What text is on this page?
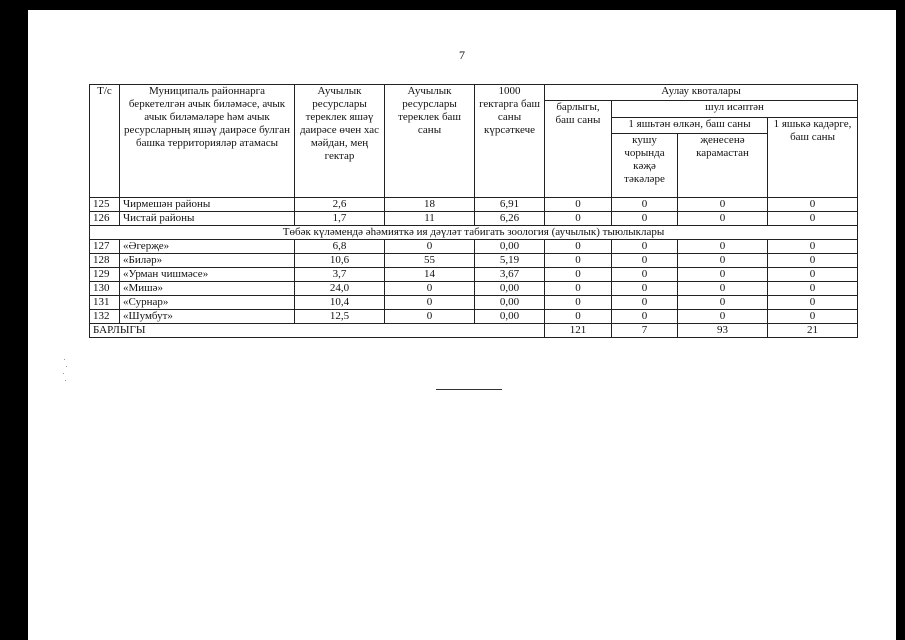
7
Т/с	Муниципаль районнарга беркетелгән ачык биләмәсе, ачык ачык биләмәләре һәм ачык ресурсларның яшәү даирәсе булган башка территорияләр атамасы	Аучылык ресурслары тереклек яшәү даирәсе өчен хас мәйдан, мең гектар	Аучылык ресурслары тереклек баш саны	1000 гектарга баш саны күрсәткече	Аулау квоталары			
					барлыгы, баш саны	шул исәптән		
						1 яшьтән өлкән, баш саны		1 яшькә кадәрге, баш саны
						кушу чорында кәҗә тәкәләре	җенесенә карамастан	
125	Чирмешән районы	2,6	18	6,91	0	0	0	0
126	Чистай районы	1,7	11	6,26	0	0	0	0
Төбәк күләмендә әһәмияткә ия дәүләт табигать зоология (аучылык) тыюлыклары								
127	«Әгерҗе»	6,8	0	0,00	0	0	0	0
128	«Биләр»	10,6	55	5,19	0	0	0	0
129	«Урман чишмәсе»	3,7	14	3,67	0	0	0	0
130	«Мишә»	24,0	0	0,00	0	0	0	0
131	«Сурнар»	10,4	0	0,00	0	0	0	0
132	«Шумбут»	12,5	0	0,00	0	0	0	0
БАРЛЫГЫ					121	7	93	21
